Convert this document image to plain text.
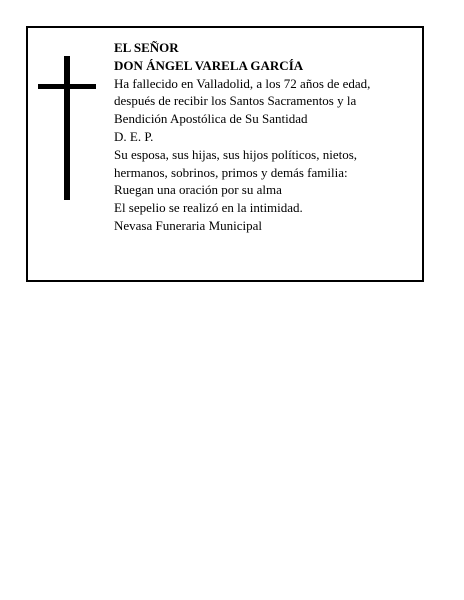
EL SEÑOR
DON ÁNGEL VARELA GARCÍA
Ha fallecido en Valladolid, a los 72 años de edad,
después de recibir los Santos Sacramentos y la
Bendición Apostólica de Su Santidad
D. E. P.
Su esposa, sus hijas, sus hijos políticos, nietos,
hermanos, sobrinos, primos y demás familia:
Ruegan una oración por su alma
El sepelio se realizó en la intimidad.
Nevasa Funeraria Municipal
